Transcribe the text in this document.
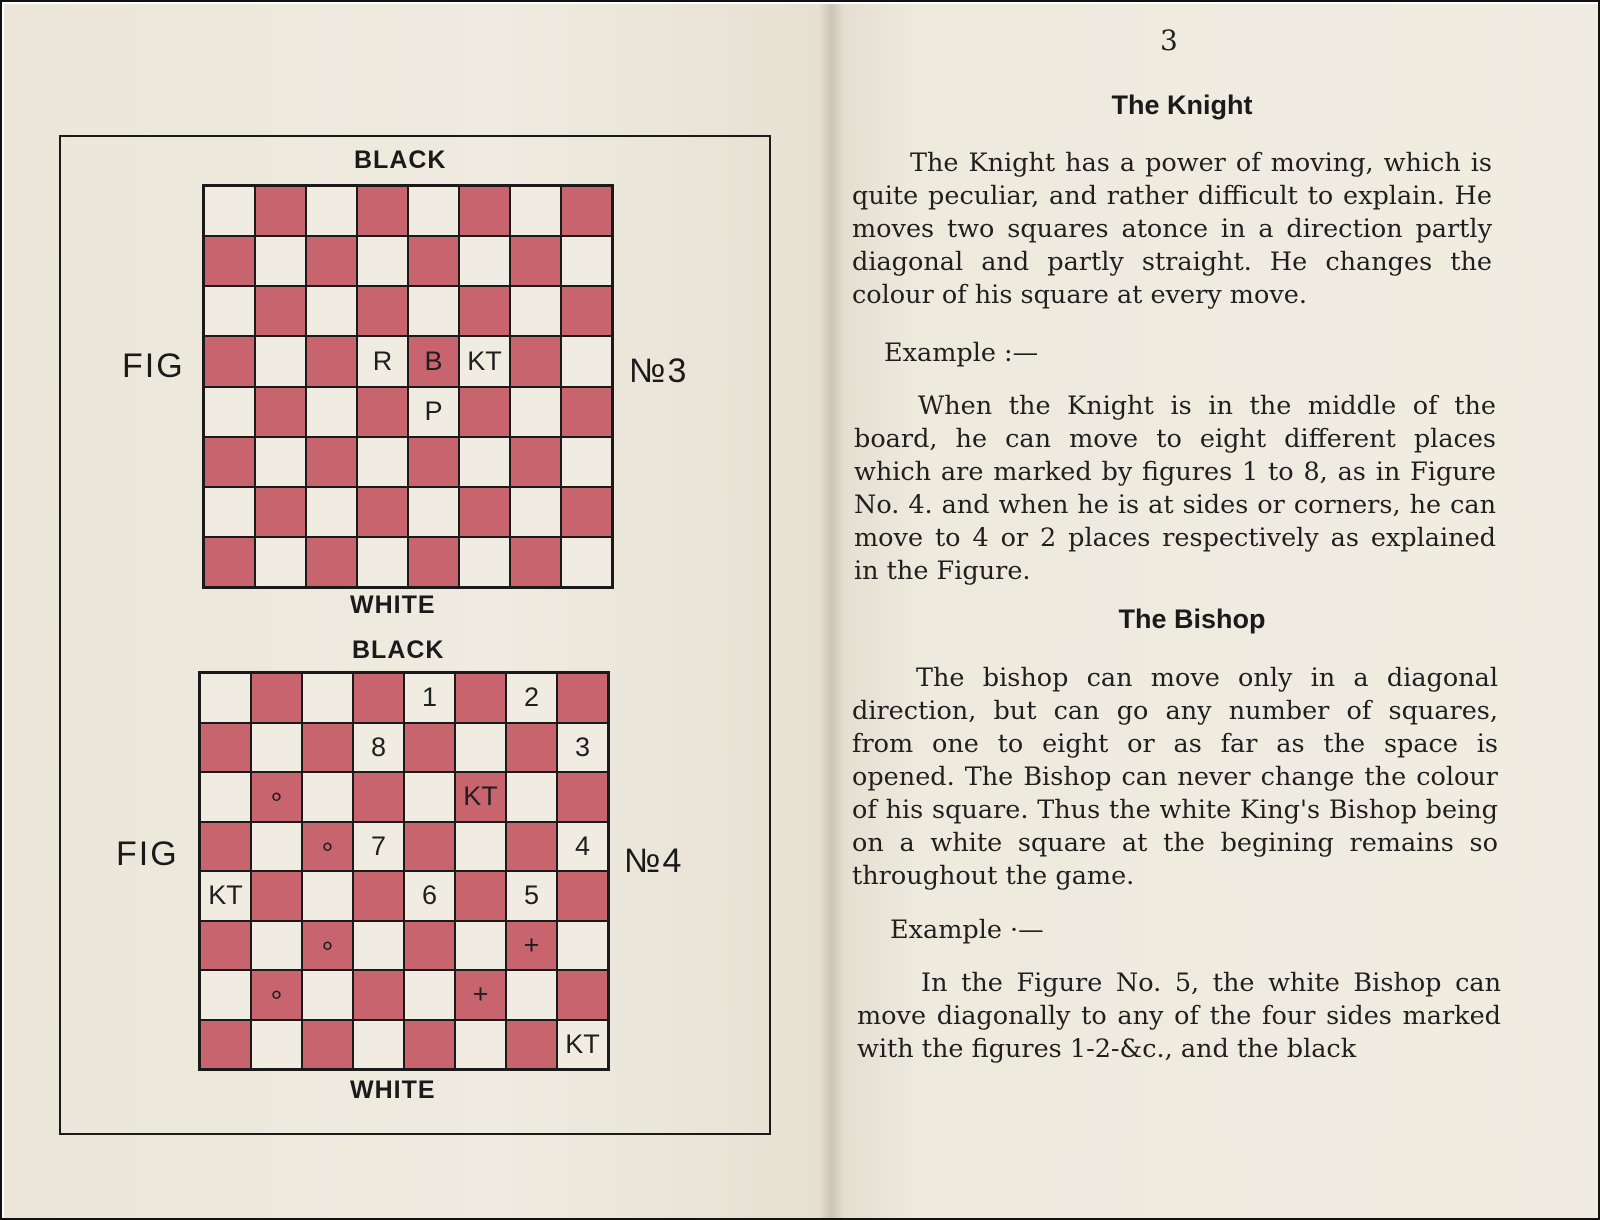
BLACK
FIG	№3
R	B KT
P
WHITE
BLACK
FIG	№4
1	2
8	3
∘	KT
∘	7	4
KT	6	5
∘	+
∘	+
KT
WHITE
3
The Knight

The Knight has a power of moving, which is quite peculiar, and rather difficult to explain. He moves two squares atonce in a direction partly diagonal and partly straight. He changes the colour of his square at every move.

Example :—

When the Knight is in the middle of the board, he can move to eight different places which are marked by figures 1 to 8, as in Figure No. 4. and when he is at sides or corners, he can move to 4 or 2 places respectively as explained in the Figure.

The Bishop

The bishop can move only in a diagonal direction, but can go any number of squares, from one to eight or as far as the space is opened. The Bishop can never change the colour of his square. Thus the white King's Bishop being on a white square at the begining remains so throughout the game.

Example ·—

In the Figure No. 5, the white Bishop can move diagonally to any of the four sides marked with the figures 1-2-&c., and the black
